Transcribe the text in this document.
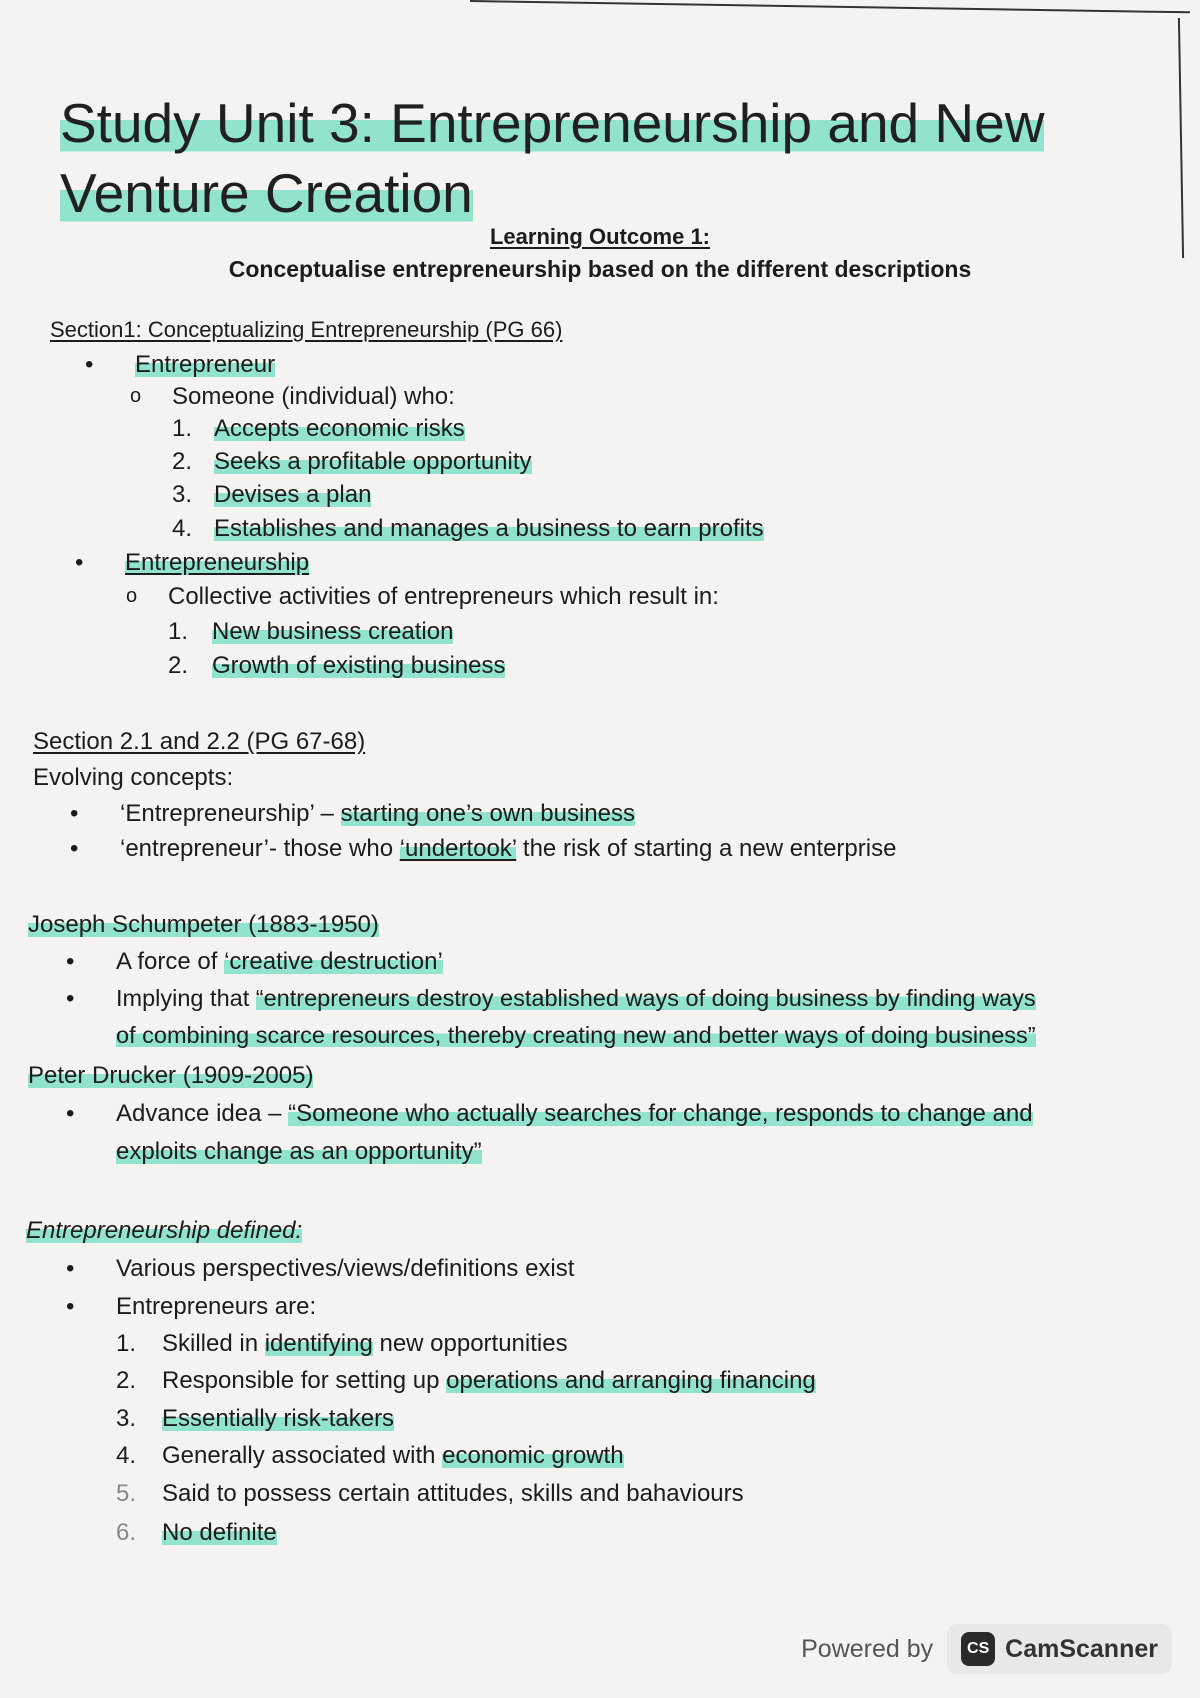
Study Unit 3: Entrepreneurship and New
Venture Creation
Learning Outcome 1:
Conceptualise entrepreneurship based on the different descriptions
Section1: Conceptualizing Entrepreneurship (PG 66)
• Entrepreneur
o Someone (individual) who:
1. Accepts economic risks
2. Seeks a profitable opportunity
3. Devises a plan
4. Establishes and manages a business to earn profits
• Entrepreneurship
o Collective activities of entrepreneurs which result in:
1. New business creation
2. Growth of existing business
Section 2.1 and 2.2 (PG 67-68)
Evolving concepts:
• ‘Entrepreneurship’ – starting one’s own business
• ‘entrepreneur’- those who ‘undertook’ the risk of starting a new enterprise
Joseph Schumpeter (1883-1950)
• A force of ‘creative destruction’
• Implying that “entrepreneurs destroy established ways of doing business by finding ways
of combining scarce resources, thereby creating new and better ways of doing business”
Peter Drucker (1909-2005)
• Advance idea – “Someone who actually searches for change, responds to change and
exploits change as an opportunity”
Entrepreneurship defined:
• Various perspectives/views/definitions exist
• Entrepreneurs are:
1. Skilled in identifying new opportunities
2. Responsible for setting up operations and arranging financing
3. Essentially risk-takers
4. Generally associated with economic growth
5. Said to possess certain attitudes, skills and bahaviours
6. No definite
Powered by	CS CamScanner
